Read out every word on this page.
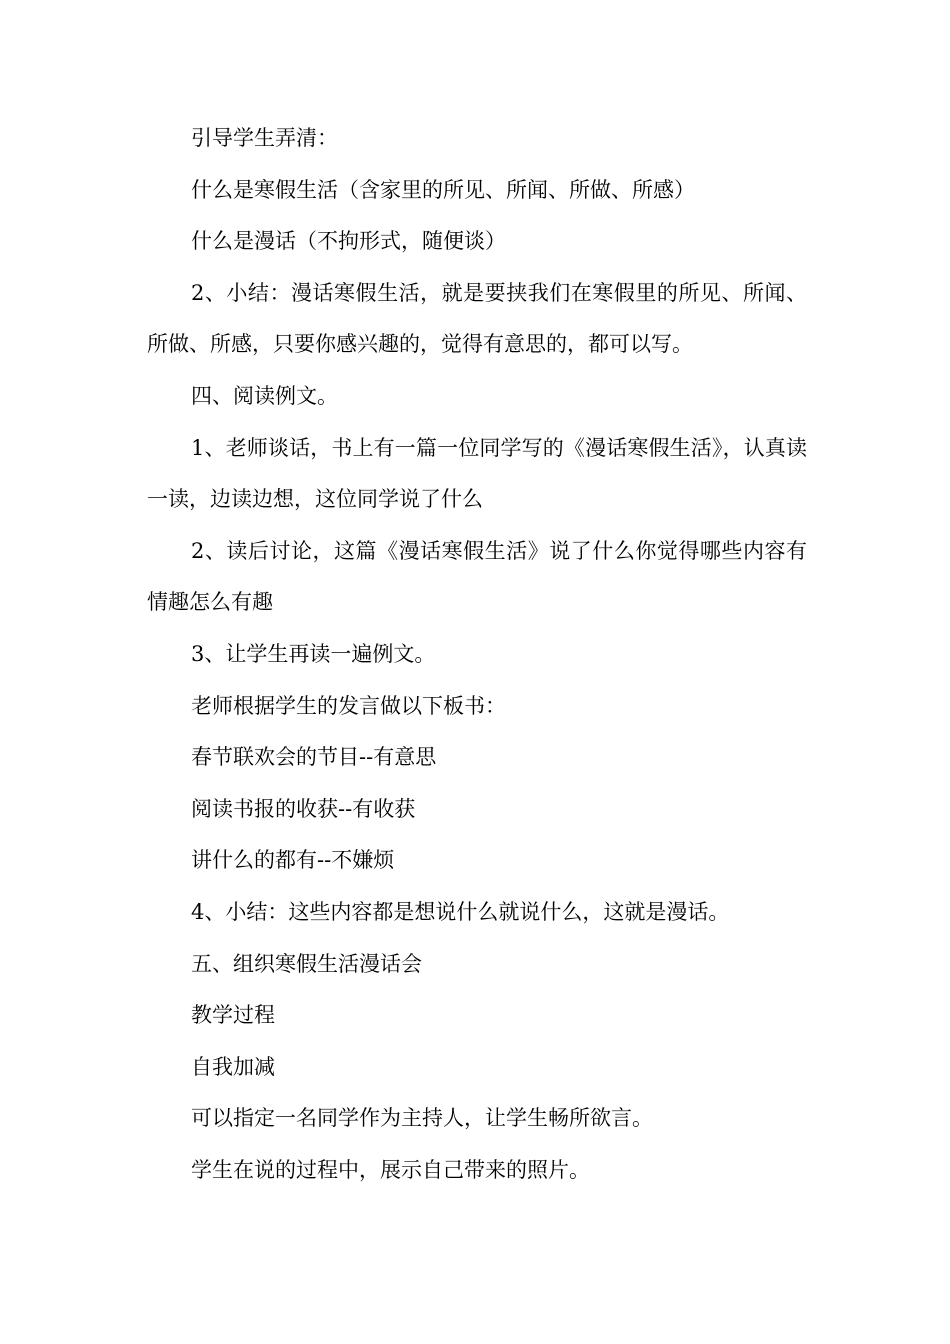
引导学生弄清：

什么是寒假生活（含家里的所见、所闻、所做、所感）

什么是漫话（不拘形式，随便谈）

2、小结：漫话寒假生活，就是要挟我们在寒假里的所见、所闻、所做、所感，只要你感兴趣的，觉得有意思的，都可以写。

四、阅读例文。

1、老师谈话，书上有一篇一位同学写的《漫话寒假生活》，认真读一读，边读边想，这位同学说了什么

2、读后讨论，这篇《漫话寒假生活》说了什么你觉得哪些内容有情趣怎么有趣

3、让学生再读一遍例文。

老师根据学生的发言做以下板书：

春节联欢会的节目--有意思

阅读书报的收获--有收获

讲什么的都有--不嫌烦

4、小结：这些内容都是想说什么就说什么，这就是漫话。

五、组织寒假生活漫话会

教学过程

自我加减

可以指定一名同学作为主持人，让学生畅所欲言。

学生在说的过程中，展示自己带来的照片。
